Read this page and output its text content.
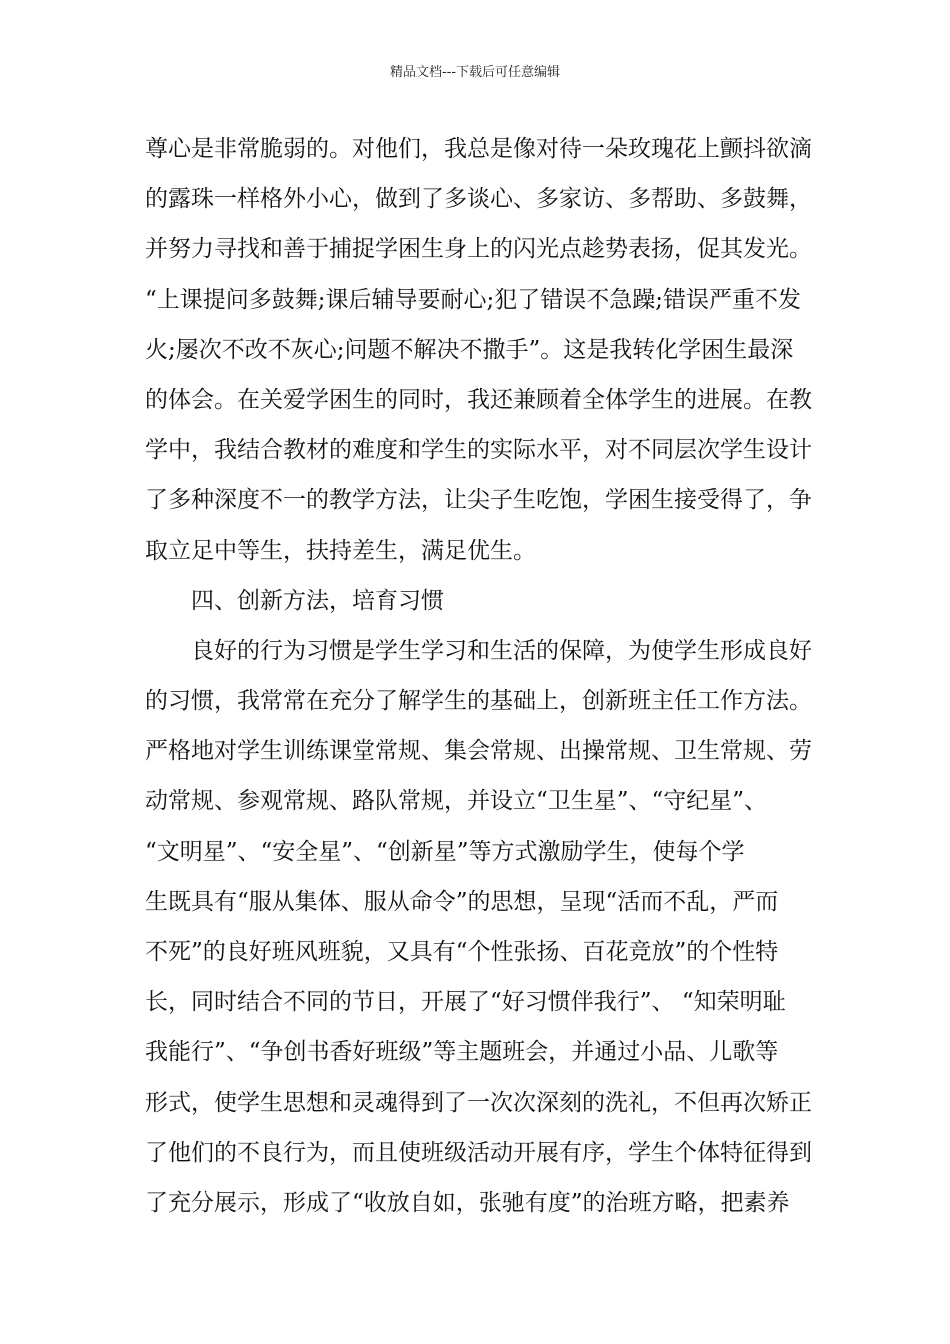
精品文档---下载后可任意编辑
尊心是非常脆弱的。对他们，我总是像对待一朵玫瑰花上颤抖欲滴
的露珠一样格外小心，做到了多谈心、多家访、多帮助、多鼓舞，
并努力寻找和善于捕捉学困生身上的闪光点趁势表扬，促其发光。
“上课提问多鼓舞;课后辅导要耐心;犯了错误不急躁;错误严重不发
火;屡次不改不灰心;问题不解决不撒手”。这是我转化学困生最深
的体会。在关爱学困生的同时，我还兼顾着全体学生的进展。在教
学中，我结合教材的难度和学生的实际水平，对不同层次学生设计
了多种深度不一的教学方法，让尖子生吃饱，学困生接受得了，争
取立足中等生，扶持差生，满足优生。
四、创新方法，培育习惯
良好的行为习惯是学生学习和生活的保障，为使学生形成良好
的习惯，我常常在充分了解学生的基础上，创新班主任工作方法。
严格地对学生训练课堂常规、集会常规、出操常规、卫生常规、劳
动常规、参观常规、路队常规，并设立“卫生星”、“守纪星”、
“文明星”、“安全星”、“创新星”等方式激励学生，使每个学
生既具有“服从集体、服从命令”的思想，呈现“活而不乱，严而
不死”的良好班风班貌，又具有“个性张扬、百花竞放”的个性特
长，同时结合不同的节日，开展了“好习惯伴我行”、 “知荣明耻
我能行”、“争创书香好班级”等主题班会，并通过小品、儿歌等
形式，使学生思想和灵魂得到了一次次深刻的洗礼，不但再次矫正
了他们的不良行为，而且使班级活动开展有序，学生个体特征得到
了充分展示，形成了“收放自如，张驰有度”的治班方略，把素养
